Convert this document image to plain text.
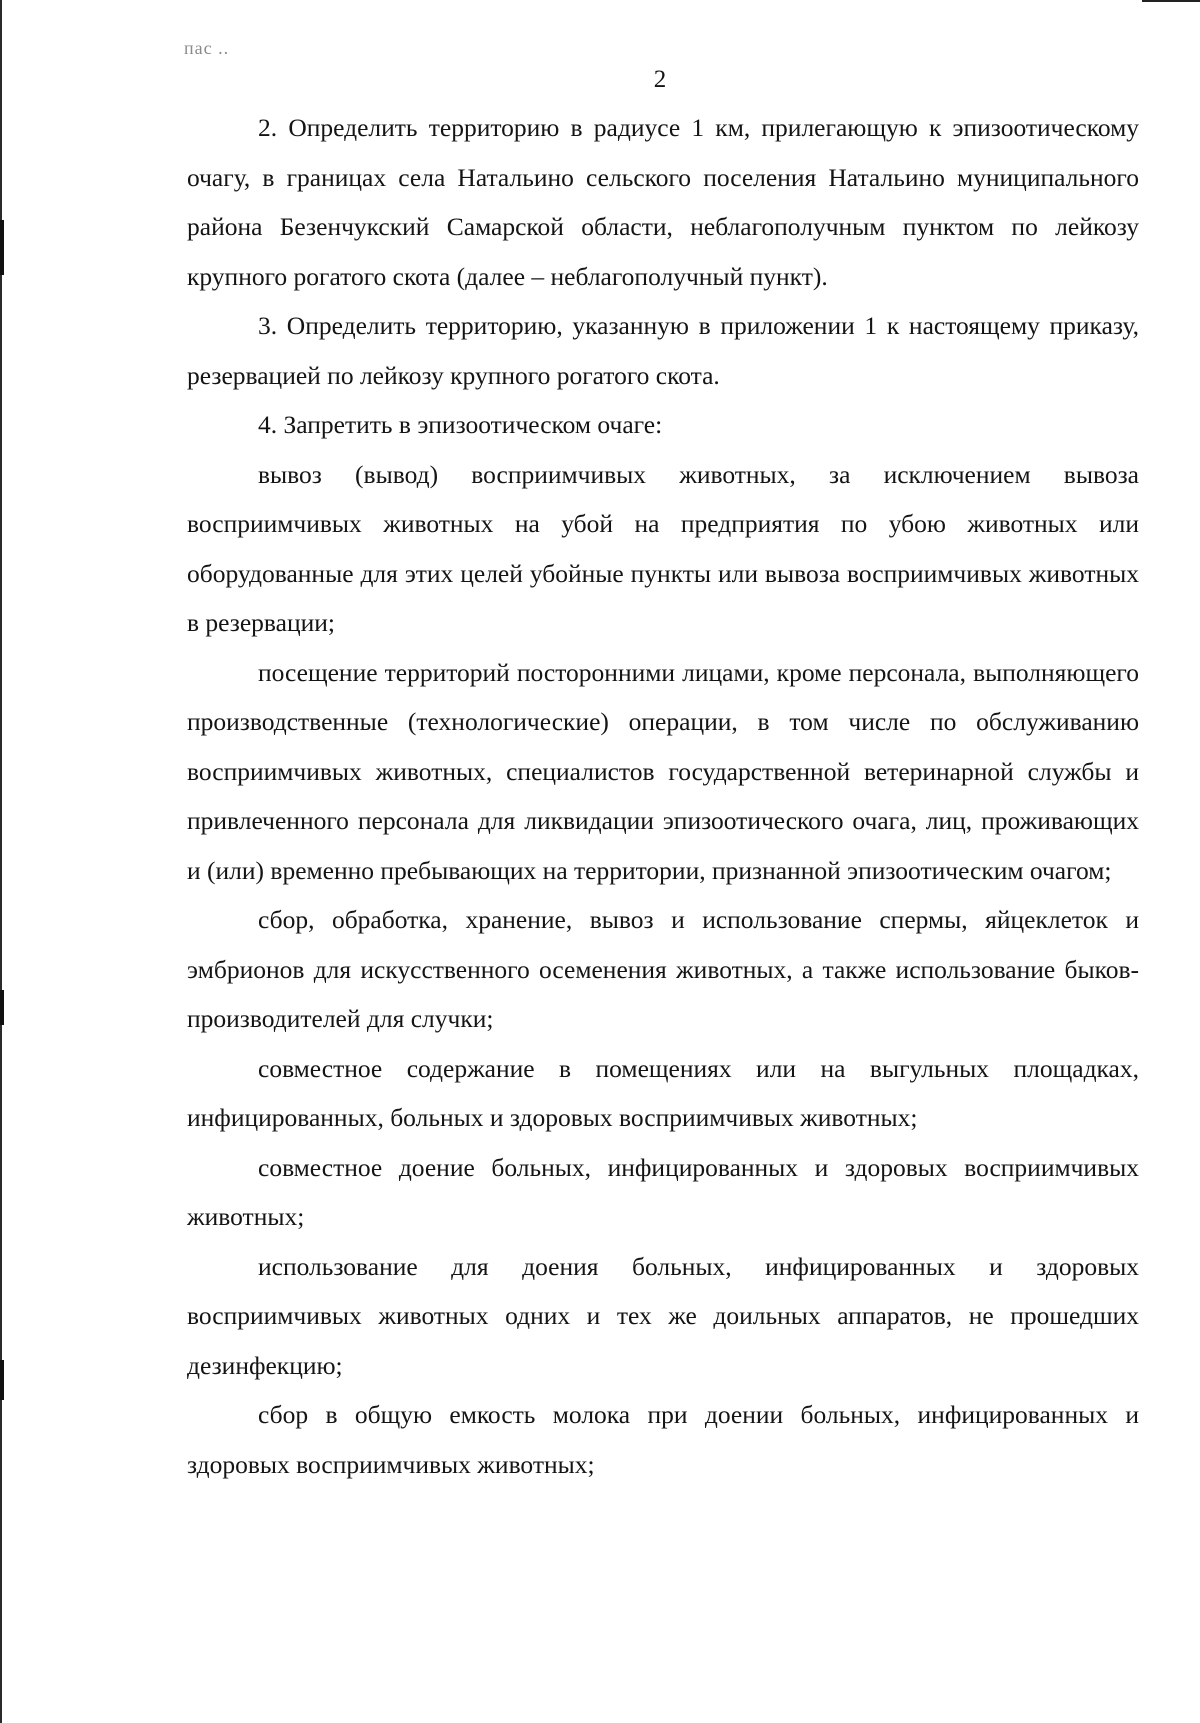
пас ..
2

2. Определить территорию в радиусе 1 км, прилегающую к эпизоотическому очагу, в границах села Натальино сельского поселения Натальино муниципального района Безенчукский Самарской области, неблагополучным пунктом по лейкозу крупного рогатого скота (далее – неблагополучный пункт).

3. Определить территорию, указанную в приложении 1 к настоящему приказу, резервацией по лейкозу крупного рогатого скота.

4. Запретить в эпизоотическом очаге:

вывоз (вывод) восприимчивых животных, за исключением вывоза восприимчивых животных на убой на предприятия по убою животных или оборудованные для этих целей убойные пункты или вывоза восприимчивых животных в резервации;

посещение территорий посторонними лицами, кроме персонала, выполняющего производственные (технологические) операции, в том числе по обслуживанию восприимчивых животных, специалистов государственной ветеринарной службы и привлеченного персонала для ликвидации эпизоотического очага, лиц, проживающих и (или) временно пребывающих на территории, признанной эпизоотическим очагом;

сбор, обработка, хранение, вывоз и использование спермы, яйцеклеток и эмбрионов для искусственного осеменения животных, а также использование быков-производителей для случки;

совместное содержание в помещениях или на выгульных площадках, инфицированных, больных и здоровых восприимчивых животных;

совместное доение больных, инфицированных и здоровых восприимчивых животных;

использование для доения больных, инфицированных и здоровых восприимчивых животных одних и тех же доильных аппаратов, не прошедших дезинфекцию;

сбор в общую емкость молока при доении больных, инфицированных и здоровых восприимчивых животных;
